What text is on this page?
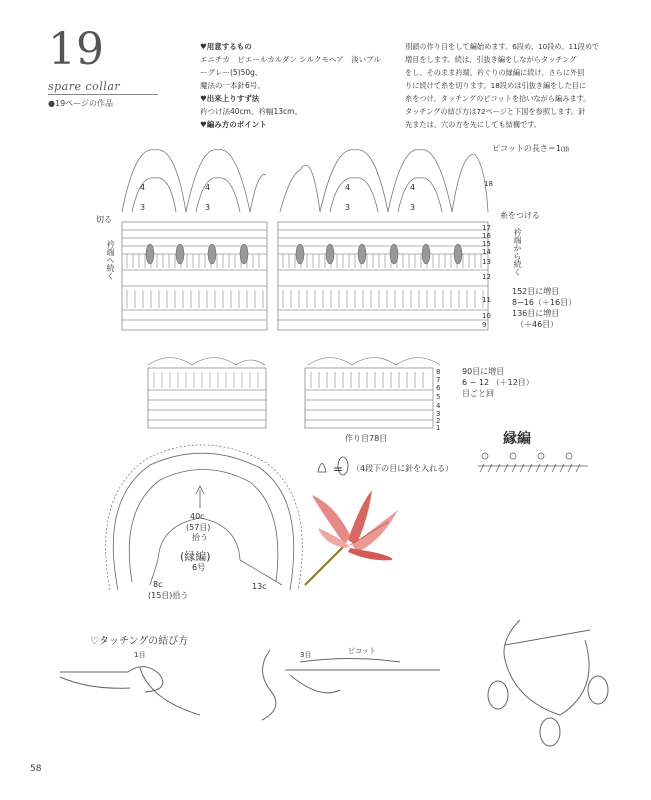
19
spare collar
●19ページの作品

♥用意するもの

エニチカ　ビエールカルダン シルクモヘア　淡いブル

ーグレー(5)50g、

魔法の一本針6号。

♥出来上りすず法

衿つけ法40cm、衿幅13cm。

♥編み方のポイント

別鎖の作り目をして編始めます。6段め、10段め、11段めで

増目をします。続は、引抜き編をしながらタッチング

をし、そのまま衿端、衿ぐりの縁編に続け、さらに外回

りに続けて糸を切ります。18段めは引抜き編をした目に

糸をつけ、タッチングのピコットを拾いながら編みます。

タッチングの結び方は72ページと下図を参照します。針

先または、穴の方を先にしても結構です。

ピコットの長さ＝1㎝
切る	糸をつける
衿端へ続く	衿端から続く
18
17
16
15
14
13
12
11
10
9
152目に増目
8−16（＋16目）
136目に増目
（＋46目）
8
7
6
5
4
3
2
1
90目に増目
6 − 12 （＋12目）
目ごと回
作り目78目
4	4	4	4
3	3	3	3
= （4段下の目に針を入れる）
縁編
40c
(57目)
拾う
(縁編)
6号
8c
(15目)拾う
13c
♡タッチングの結び方
1目	3目	ピコット
58
